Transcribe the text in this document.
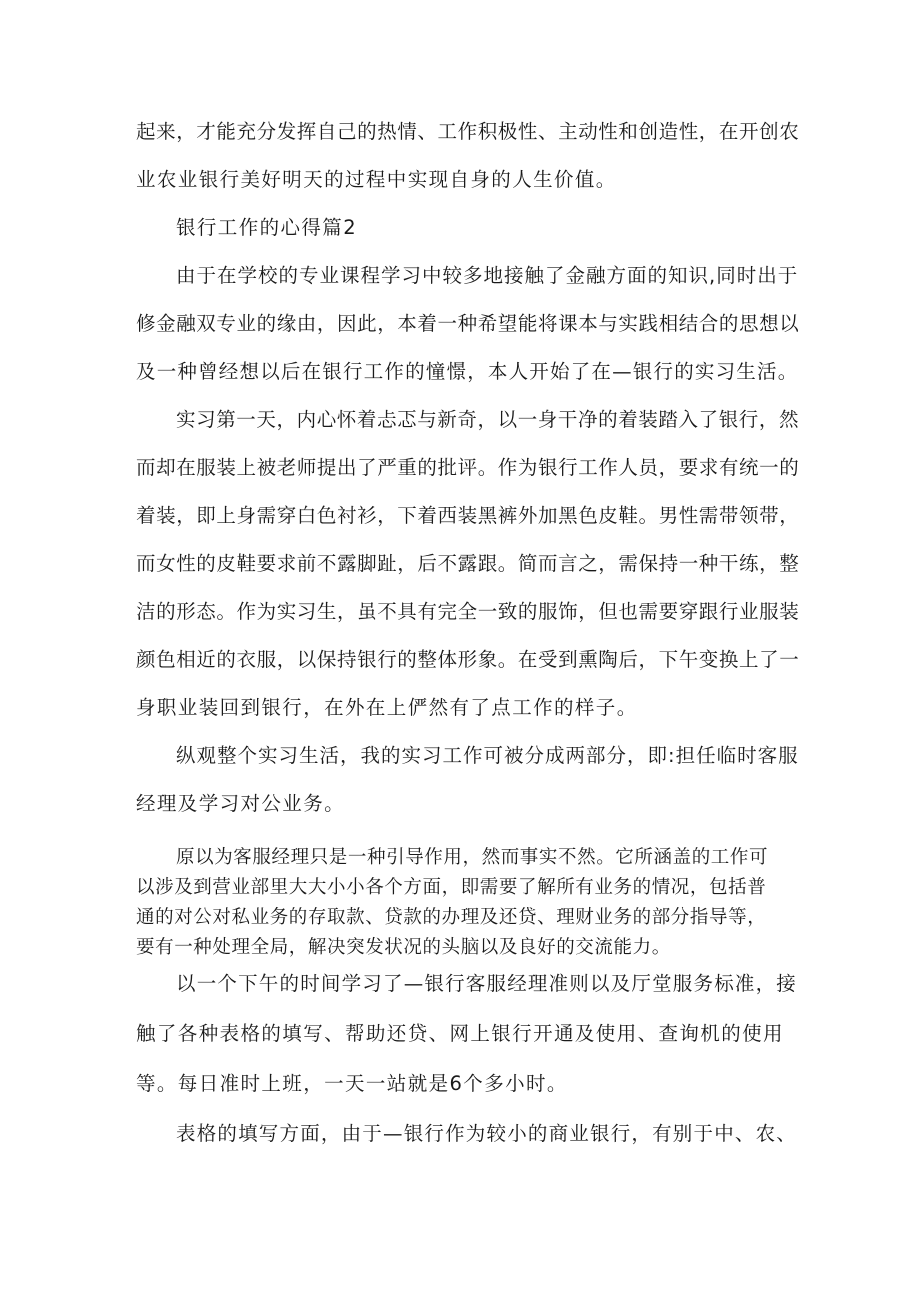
起来，才能充分发挥自己的热情、工作积极性、主动性和创造性，在开创农
业农业银行美好明天的过程中实现自身的人生价值。
银行工作的心得篇2
由于在学校的专业课程学习中较多地接触了金融方面的知识,同时出于
修金融双专业的缘由，因此，本着一种希望能将课本与实践相结合的思想以
及一种曾经想以后在银行工作的憧憬，本人开始了在—银行的实习生活。
实习第一天，内心怀着忐忑与新奇，以一身干净的着装踏入了银行，然
而却在服装上被老师提出了严重的批评。作为银行工作人员，要求有统一的
着装，即上身需穿白色衬衫，下着西装黑裤外加黑色皮鞋。男性需带领带，
而女性的皮鞋要求前不露脚趾，后不露跟。简而言之，需保持一种干练，整
洁的形态。作为实习生，虽不具有完全一致的服饰，但也需要穿跟行业服装
颜色相近的衣服，以保持银行的整体形象。在受到熏陶后，下午变换上了一
身职业装回到银行，在外在上俨然有了点工作的样子。
纵观整个实习生活，我的实习工作可被分成两部分，即:担任临时客服
经理及学习对公业务。
原以为客服经理只是一种引导作用，然而事实不然。它所涵盖的工作可
以涉及到营业部里大大小小各个方面，即需要了解所有业务的情况，包括普
通的对公对私业务的存取款、贷款的办理及还贷、理财业务的部分指导等，
要有一种处理全局，解决突发状况的头脑以及良好的交流能力。
以一个下午的时间学习了—银行客服经理准则以及厅堂服务标准，接
触了各种表格的填写、帮助还贷、网上银行开通及使用、查询机的使用
等。每日准时上班，一天一站就是6个多小时。
表格的填写方面，由于—银行作为较小的商业银行，有别于中、农、
